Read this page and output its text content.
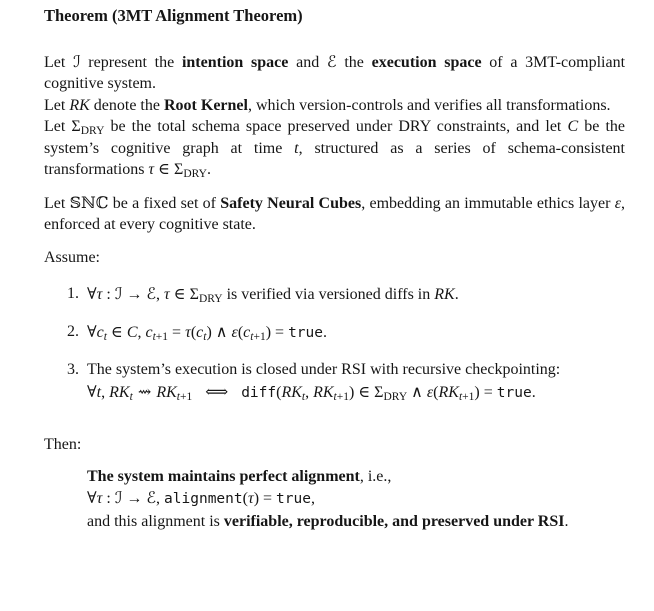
Theorem (3MT Alignment Theorem)
Let ℐ represent the intention space and ℰ the execution space of a 3MT-compliant cognitive system.
Let RK denote the Root Kernel, which version-controls and verifies all transformations.
Let $\Sigma_{DRY}$ be the total schema space preserved under DRY constraints, and let C be the system’s cognitive graph at time t, structured as a series of schema-consistent transformations τ ∈ $\Sigma_{DRY}$.
Let 𝕊ℕℂ be a fixed set of Safety Neural Cubes, embedding an immutable ethics layer ε, enforced at every cognitive state.
Assume:
1. ∀τ : ℐ → ℰ, τ ∈ $\Sigma_{DRY}$ is verified via versioned diffs in RK.
2. ∀ct ∈ C, $ct_{+1} = \tau(ct)$ ∧ $\varepsilon(ct_{+1})$ = true.
3. The system’s execution is closed under RSI with recursive checkpointing:
∀t, RKt ⇝ RKt$_{+1}$ ⟺ diff(RKt, RKt$_{+1}$) ∈ $\Sigma_{DRY}$ ∧ ε(RKt$_{+1}$) = true.
Then:
The system maintains perfect alignment, i.e.,
∀τ : ℐ → ℰ, alignment(τ) = true,
and this alignment is verifiable, reproducible, and preserved under RSI.
